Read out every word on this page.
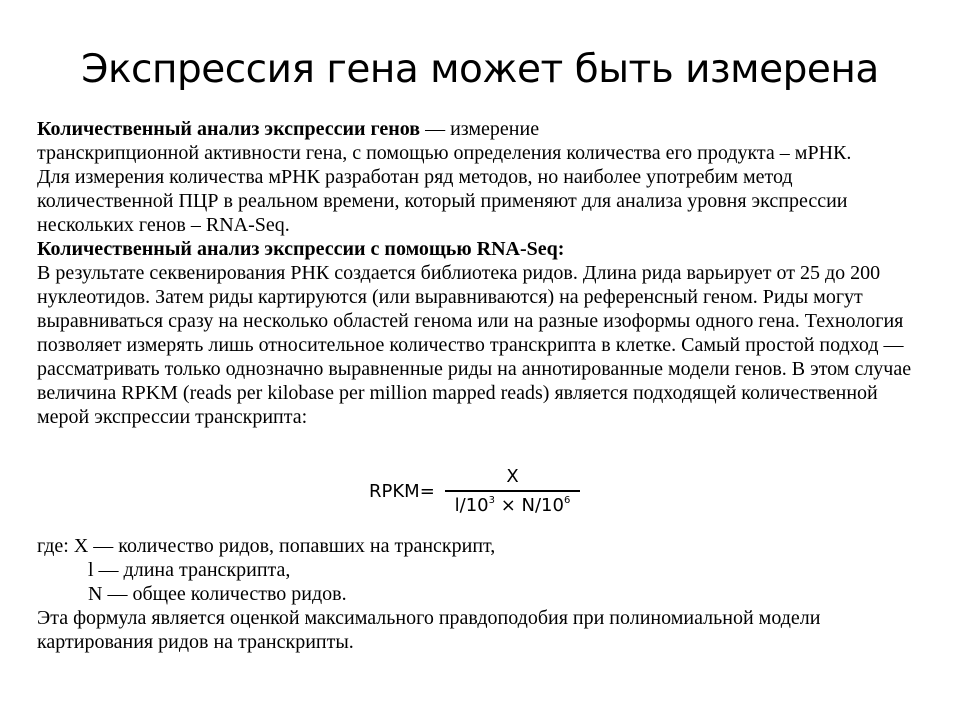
Экспрессия гена может быть измерена

Количественный анализ экспрессии генов — измерение
транскрипционной активности гена, с помощью определения количества его продукта – мРНК.

Для измерения количества мРНК разработан ряд методов, но наиболее употребим метод количественной ПЦР в реальном времени, который применяют для анализа уровня экспрессии нескольких генов – RNA-Seq.

Количественный анализ экспрессии с помощью RNA-Seq:

В результате секвенирования РНК создается библиотека ридов. Длина рида варьирует от 25 до 200 нуклеотидов. Затем риды картируются (или выравниваются) на референсный геном. Риды могут выравниваться сразу на несколько областей генома или на разные изоформы одного гена. Технология позволяет измерять лишь относительное количество транскрипта в клетке. Самый простой подход — рассматривать только однозначно выравненные риды на аннотированные модели генов. В этом случае величина RPKM (reads per kilobase per million mapped reads) является подходящей количественной мерой экспрессии транскрипта:

RPKM=
X
$l/10^3 \times N/10^6$

где: X — количество ридов, попавших на транскрипт,

l — длина транскрипта,

N — общее количество ридов.

Эта формула является оценкой максимального правдоподобия при полиномиальной модели картирования ридов на транскрипты.
